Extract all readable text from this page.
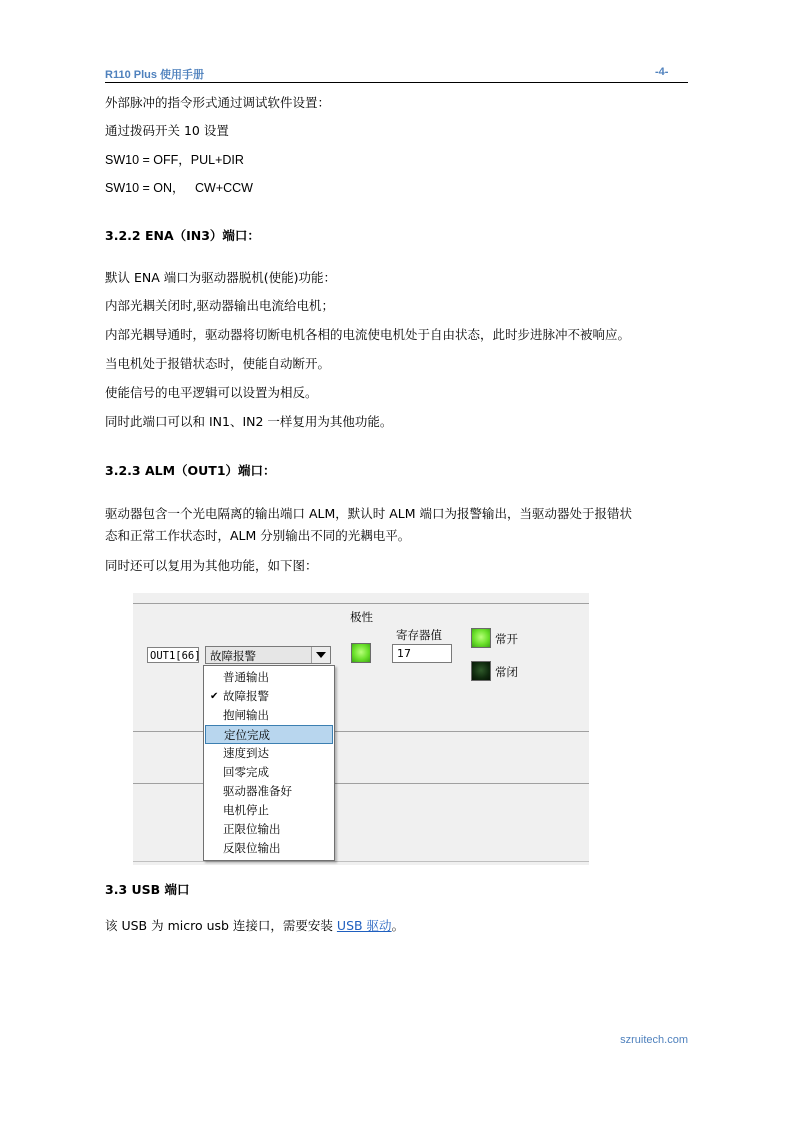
R110 Plus 使用手册	-4-
外部脉冲的指令形式通过调试软件设置：
通过拨码开关 10 设置
SW10 = OFF，PUL+DIR
SW10 = ON，   CW+CCW
3.2.2 ENA（IN3）端口：
默认 ENA 端口为驱动器脱机(使能)功能：
内部光耦关闭时,驱动器输出电流给电机；
内部光耦导通时，驱动器将切断电机各相的电流使电机处于自由状态，此时步进脉冲不被响应。
当电机处于报错状态时，使能自动断开。
使能信号的电平逻辑可以设置为相反。
同时此端口可以和 IN1、IN2 一样复用为其他功能。
3.2.3 ALM（OUT1）端口：
驱动器包含一个光电隔离的输出端口 ALM，默认时 ALM 端口为报警输出，当驱动器处于报错状
态和正常工作状态时，ALM 分别输出不同的光耦电平。
同时还可以复用为其他功能，如下图：
极性
寄存器值
OUT1[66] 故障报警	17
常开
常闭
普通输出
✔ 故障报警
抱闸输出
定位完成
速度到达
回零完成
驱动器准备好
电机停止
正限位输出
反限位输出
3.3 USB 端口
该 USB 为 micro usb 连接口，需要安装 USB 驱动。
szruitech.com
